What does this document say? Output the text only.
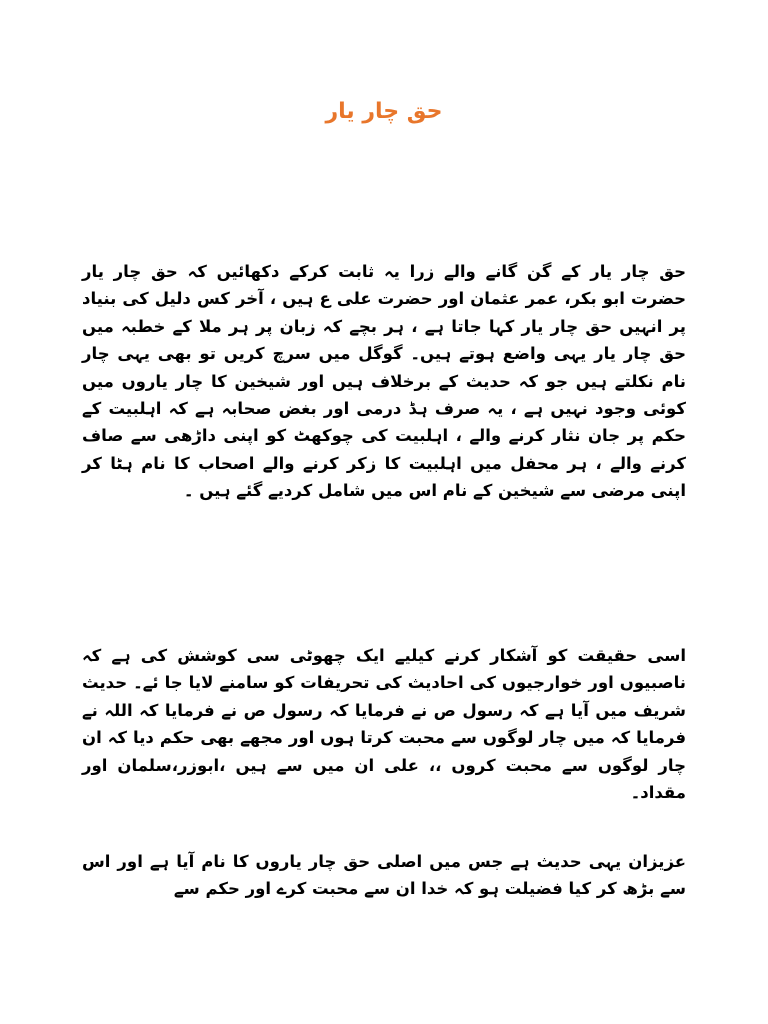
حق چار یار

حق چار یار کے گن گانے والے زرا یہ ثابت کرکے دکھائیں کہ حق چار یار حضرت ابو بکر، عمر عثمان اور حضرت علی ع ہیں ، آخر کس دلیل کی بنیاد پر انہیں حق چار یار کہا جاتا ہے ، ہر بچے کہ زبان پر ہر ملا کے خطبہ میں حق چار یار یہی واضع ہوتے ہیں۔ گوگل میں سرچ کریں تو بھی یہی چار نام نکلتے ہیں جو کہ حدیث کے برخلاف ہیں اور شیخین کا چار یاروں میں کوئی وجود نہیں ہے ، یہ صرف ہڈ درمی اور بغض صحابہ ہے کہ اہلبیت کے حکم پر جان نثار کرنے والے ، اہلبیت کی چوکھٹ کو اپنی داڑھی سے صاف کرنے والے ، ہر محفل میں اہلبیت کا زکر کرنے والے اصحاب کا نام ہٹا کر اپنی مرضی سے شیخین کے نام اس میں شامل کردیے گئے ہیں ۔

اسی حقیقت کو آشکار کرنے کیلیے ایک چھوٹی سی کوشش کی ہے کہ ناصبیوں اور خوارجیوں کی احادیث کی تحریفات کو سامنے لایا جا ئے۔ حدیث شریف میں آیا ہے کہ رسول ص نے فرمایا کہ رسول ص نے فرمایا کہ اللہ نے فرمایا کہ میں چار لوگوں سے محبت کرتا ہوں اور مجھے بھی حکم دیا کہ ان چار لوگوں سے محبت کروں ،، علی ان میں سے ہیں ،ابوزر،سلمان اور مقداد۔

عزیزان یہی حدیث ہے جس میں اصلی حق چار یاروں کا نام آیا ہے اور اس سے بڑھ کر کیا فضیلت ہو کہ خدا ان سے محبت کرے اور حکم سے
